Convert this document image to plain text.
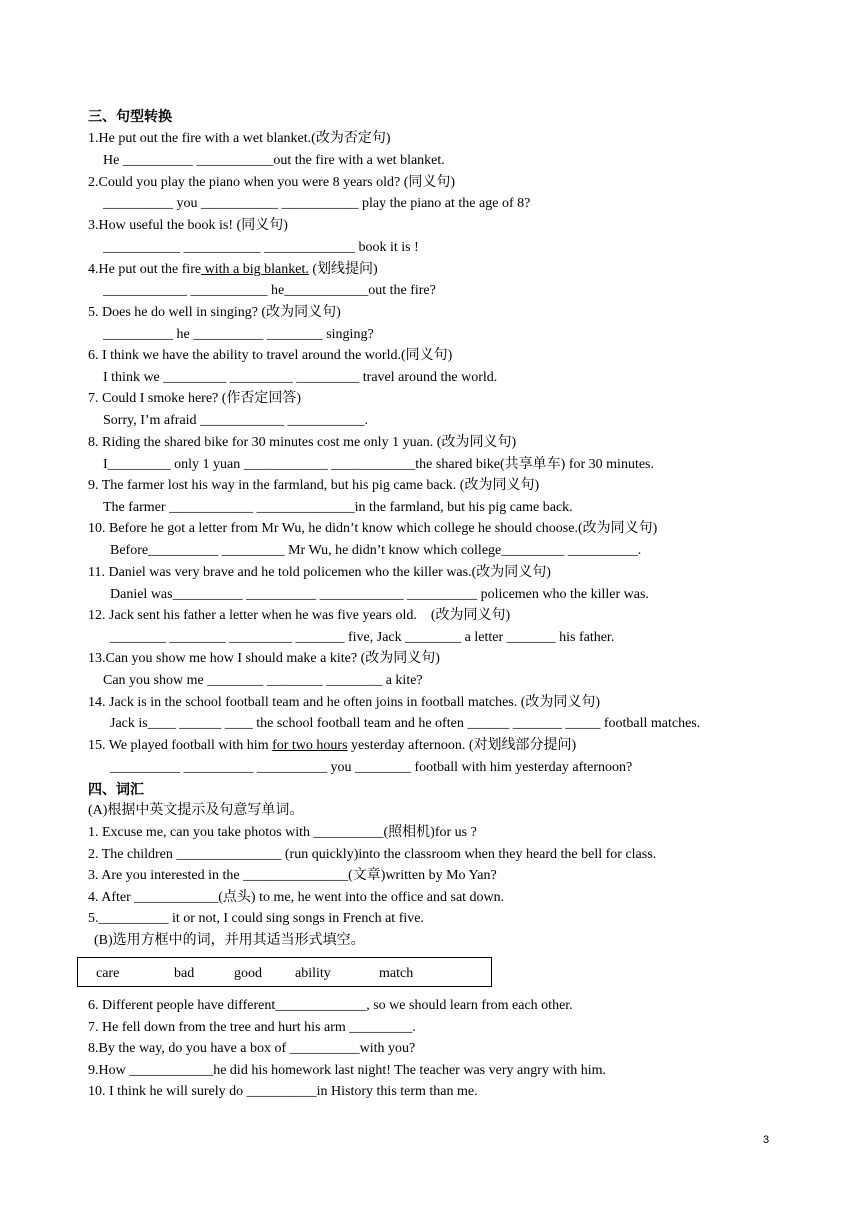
三、句型转换
1.He put out the fire with a wet blanket.(改为否定句)
He __________ ___________out the fire with a wet blanket.
2.Could you play the piano when you were 8 years old? (同义句)
__________ you ___________ ___________ play the piano at the age of 8?
3.How useful the book is! (同义句)
___________ ___________ _____________ book it is !
4.He put out the fire with a big blanket. (划线提问)
____________ ___________ he____________out the fire?
5. Does he do well in singing? (改为同义句)
__________ he __________ ________ singing?
6. I think we have the ability to travel around the world.(同义句)
I think we _________ _________ _________ travel around the world.
7. Could I smoke here? (作否定回答)
Sorry, I’m afraid ____________ ___________.
8. Riding the shared bike for 30 minutes cost me only 1 yuan. (改为同义句)
I_________ only 1 yuan ____________ ____________the shared bike(共享单车) for 30 minutes.
9. The farmer lost his way in the farmland, but his pig came back. (改为同义句)
The farmer ____________ ______________in the farmland, but his pig came back.
10. Before he got a letter from Mr Wu, he didn’t know which college he should choose.(改为同义句)
Before__________ _________ Mr Wu, he didn’t know which college_________ __________.
11. Daniel was very brave and he told policemen who the killer was.(改为同义句)
Daniel was__________ __________ ____________ __________ policemen who the killer was.
12. Jack sent his father a letter when he was five years old.    (改为同义句)
________ ________ _________ _______ five, Jack ________ a letter _______ his father.
13.Can you show me how I should make a kite? (改为同义句)
Can you show me ________ ________ ________ a kite?
14. Jack is in the school football team and he often joins in football matches. (改为同义句)
Jack is____ ______ ____ the school football team and he often ______ _______ _____ football matches.
15. We played football with him for two hours yesterday afternoon. (对划线部分提问)
__________ __________ __________ you ________ football with him yesterday afternoon?
四、词汇
(A)根据中英文提示及句意写单词。
1. Excuse me, can you take photos with __________(照相机)for us ?
2. The children _______________ (run quickly)into the classroom when they heard the bell for class.
3. Are you interested in the _______________(文章)written by Mo Yan?
4. After ____________(点头) to me, he went into the office and sat down.
5.__________ it or not, I could sing songs in French at five.
(B)选用方框中的词，并用其适当形式填空。
care	bad	good ability	match
6. Different people have different_____________, so we should learn from each other.
7. He fell down from the tree and hurt his arm _________.
8.By the way, do you have a box of __________with you?
9.How ____________he did his homework last night! The teacher was very angry with him.
10. I think he will surely do __________in History this term than me.
3
